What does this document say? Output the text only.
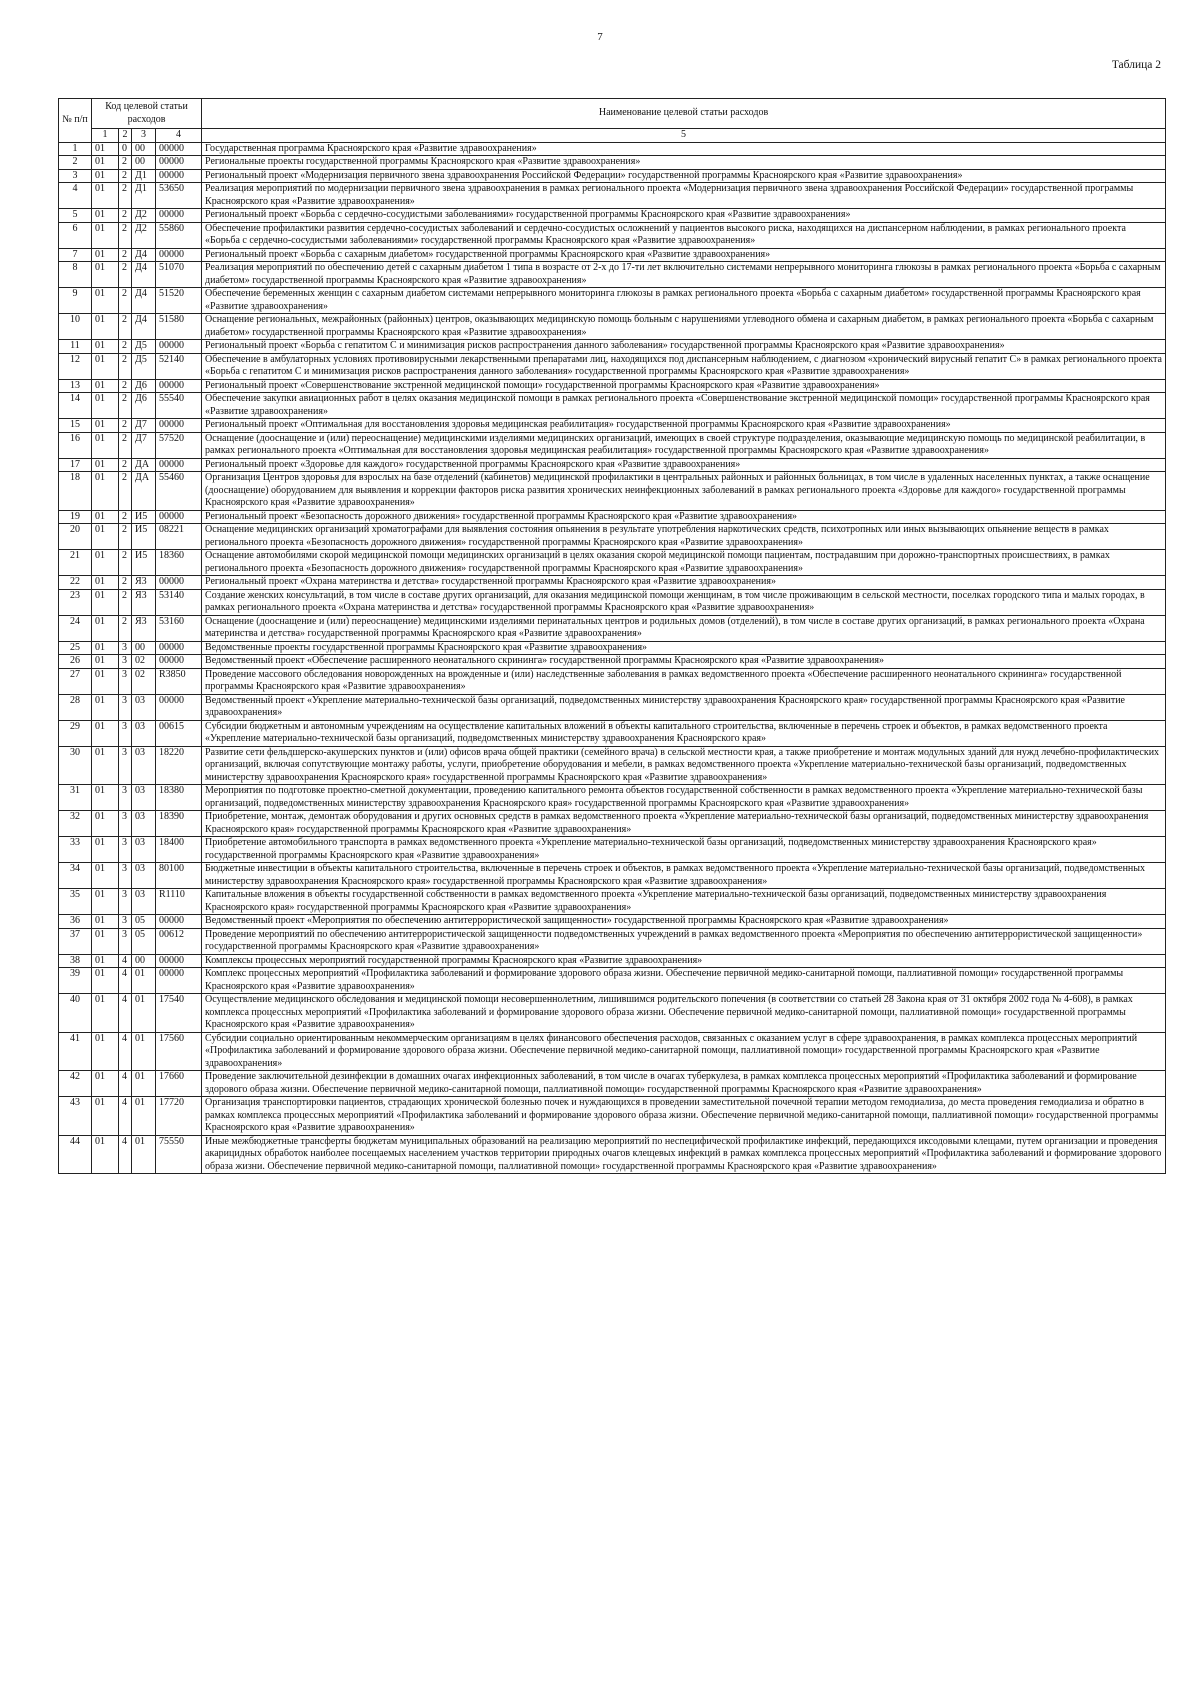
7
Таблица 2
№ п/п	Код целевой статьи расходов				Наименование целевой статьи расходов
	1	2	3	4	5
1	01	0	00	00000	Государственная программа Красноярского края «Развитие здравоохранения»
2	01	2	00	00000	Региональные проекты государственной программы Красноярского края «Развитие здравоохранения»
3	01	2	Д1	00000	Региональный проект «Модернизация первичного звена здравоохранения Российской Федерации» государственной программы Красноярского края «Развитие здравоохранения»
4	01	2	Д1	53650	Реализация мероприятий по модернизации первичного звена здравоохранения в рамках регионального проекта «Модернизация первичного звена здравоохранения Российской Федерации» государственной программы Красноярского края «Развитие здравоохранения»
5	01	2	Д2	00000	Региональный проект «Борьба с сердечно-сосудистыми заболеваниями» государственной программы Красноярского края «Развитие здравоохранения»
6	01	2	Д2	55860	Обеспечение профилактики развития сердечно-сосудистых заболеваний и сердечно-сосудистых осложнений у пациентов высокого риска, находящихся на диспансерном наблюдении, в рамках регионального проекта «Борьба с сердечно-сосудистыми заболеваниями» государственной программы Красноярского края «Развитие здравоохранения»
7	01	2	Д4	00000	Региональный проект «Борьба с сахарным диабетом» государственной программы Красноярского края «Развитие здравоохранения»
8	01	2	Д4	51070	Реализация мероприятий по обеспечению детей с сахарным диабетом 1 типа в возрасте от 2-х до 17-ти лет включительно системами непрерывного мониторинга глюкозы в рамках регионального проекта «Борьба с сахарным диабетом» государственной программы Красноярского края «Развитие здравоохранения»
9	01	2	Д4	51520	Обеспечение беременных женщин с сахарным диабетом системами непрерывного мониторинга глюкозы в рамках регионального проекта «Борьба с сахарным диабетом» государственной программы Красноярского края «Развитие здравоохранения»
10	01	2	Д4	51580	Оснащение региональных, межрайонных (районных) центров, оказывающих медицинскую помощь больным с нарушениями углеводного обмена и сахарным диабетом, в рамках регионального проекта «Борьба с сахарным диабетом» государственной программы Красноярского края «Развитие здравоохранения»
11	01	2	Д5	00000	Региональный проект «Борьба с гепатитом С и минимизация рисков распространения данного заболевания» государственной программы Красноярского края «Развитие здравоохранения»
12	01	2	Д5	52140	Обеспечение в амбулаторных условиях противовирусными лекарственными препаратами лиц, находящихся под диспансерным наблюдением, с диагнозом «хронический вирусный гепатит С» в рамках регионального проекта «Борьба с гепатитом С и минимизация рисков распространения данного заболевания» государственной программы Красноярского края «Развитие здравоохранения»
13	01	2	Д6	00000	Региональный проект «Совершенствование экстренной медицинской помощи» государственной программы Красноярского края «Развитие здравоохранения»
14	01	2	Д6	55540	Обеспечение закупки авиационных работ в целях оказания медицинской помощи в рамках регионального проекта «Совершенствование экстренной медицинской помощи» государственной программы Красноярского края «Развитие здравоохранения»
15	01	2	Д7	00000	Региональный проект «Оптимальная для восстановления здоровья медицинская реабилитация» государственной программы Красноярского края «Развитие здравоохранения»
16	01	2	Д7	57520	Оснащение (дооснащение и (или) переоснащение) медицинскими изделиями медицинских организаций, имеющих в своей структуре подразделения, оказывающие медицинскую помощь по медицинской реабилитации, в рамках регионального проекта «Оптимальная для восстановления здоровья медицинская реабилитация» государственной программы Красноярского края «Развитие здравоохранения»
17	01	2	ДА	00000	Региональный проект «Здоровье для каждого» государственной программы Красноярского края «Развитие здравоохранения»
18	01	2	ДА	55460	Организация Центров здоровья для взрослых на базе отделений (кабинетов) медицинской профилактики в центральных районных и районных больницах, в том числе в удаленных населенных пунктах, а также оснащение (дооснащение) оборудованием для выявления и коррекции факторов риска развития хронических неинфекционных заболеваний в рамках регионального проекта «Здоровье для каждого» государственной программы Красноярского края «Развитие здравоохранения»
19	01	2	И5	00000	Региональный проект «Безопасность дорожного движения» государственной программы Красноярского края «Развитие здравоохранения»
20	01	2	И5	08221	Оснащение медицинских организаций хроматографами для выявления состояния опьянения в результате употребления наркотических средств, психотропных или иных вызывающих опьянение веществ в рамках регионального проекта «Безопасность дорожного движения» государственной программы Красноярского края «Развитие здравоохранения»
21	01	2	И5	18360	Оснащение автомобилями скорой медицинской помощи медицинских организаций в целях оказания скорой медицинской помощи пациентам, пострадавшим при дорожно-транспортных происшествиях, в рамках регионального проекта «Безопасность дорожного движения» государственной программы Красноярского края «Развитие здравоохранения»
22	01	2	Я3	00000	Региональный проект «Охрана материнства и детства» государственной программы Красноярского края «Развитие здравоохранения»
23	01	2	Я3	53140	Создание женских консультаций, в том числе в составе других организаций, для оказания медицинской помощи женщинам, в том числе проживающим в сельской местности, поселках городского типа и малых городах, в рамках регионального проекта «Охрана материнства и детства» государственной программы Красноярского края «Развитие здравоохранения»
24	01	2	Я3	53160	Оснащение (дооснащение и (или) переоснащение) медицинскими изделиями перинатальных центров и родильных домов (отделений), в том числе в составе других организаций, в рамках регионального проекта «Охрана материнства и детства» государственной программы Красноярского края «Развитие здравоохранения»
25	01	3	00	00000	Ведомственные проекты государственной программы Красноярского края «Развитие здравоохранения»
26	01	3	02	00000	Ведомственный проект «Обеспечение расширенного неонатального скрининга» государственной программы Красноярского края «Развитие здравоохранения»
27	01	3	02	R3850	Проведение массового обследования новорожденных на врожденные и (или) наследственные заболевания в рамках ведомственного проекта «Обеспечение расширенного неонатального скрининга» государственной программы Красноярского края «Развитие здравоохранения»
28	01	3	03	00000	Ведомственный проект «Укрепление материально-технической базы организаций, подведомственных министерству здравоохранения Красноярского края» государственной программы Красноярского края «Развитие здравоохранения»
29	01	3	03	00615	Субсидии бюджетным и автономным учреждениям на осуществление капитальных вложений в объекты капитального строительства, включенные в перечень строек и объектов, в рамках ведомственного проекта «Укрепление материально-технической базы организаций, подведомственных министерству здравоохранения Красноярского края»
30	01	3	03	18220	Развитие сети фельдшерско-акушерских пунктов и (или) офисов врача общей практики (семейного врача) в сельской местности края, а также приобретение и монтаж модульных зданий для нужд лечебно-профилактических организаций, включая сопутствующие монтажу работы, услуги, приобретение оборудования и мебели, в рамках ведомственного проекта «Укрепление материально-технической базы организаций, подведомственных министерству здравоохранения Красноярского края» государственной программы Красноярского края «Развитие здравоохранения»
31	01	3	03	18380	Мероприятия по подготовке проектно-сметной документации, проведению капитального ремонта объектов государственной собственности в рамках ведомственного проекта «Укрепление материально-технической базы организаций, подведомственных министерству здравоохранения Красноярского края» государственной программы Красноярского края «Развитие здравоохранения»
32	01	3	03	18390	Приобретение, монтаж, демонтаж оборудования и других основных средств в рамках ведомственного проекта «Укрепление материально-технической базы организаций, подведомственных министерству здравоохранения Красноярского края» государственной программы Красноярского края «Развитие здравоохранения»
33	01	3	03	18400	Приобретение автомобильного транспорта в рамках ведомственного проекта «Укрепление материально-технической базы организаций, подведомственных министерству здравоохранения Красноярского края» государственной программы Красноярского края «Развитие здравоохранения»
34	01	3	03	80100	Бюджетные инвестиции в объекты капитального строительства, включенные в перечень строек и объектов, в рамках ведомственного проекта «Укрепление материально-технической базы организаций, подведомственных министерству здравоохранения Красноярского края» государственной программы Красноярского края «Развитие здравоохранения»
35	01	3	03	R1110	Капитальные вложения в объекты государственной собственности в рамках ведомственного проекта «Укрепление материально-технической базы организаций, подведомственных министерству здравоохранения Красноярского края» государственной программы Красноярского края «Развитие здравоохранения»
36	01	3	05	00000	Ведомственный проект «Мероприятия по обеспечению антитеррористической защищенности» государственной программы Красноярского края «Развитие здравоохранения»
37	01	3	05	00612	Проведение мероприятий по обеспечению антитеррористической защищенности подведомственных учреждений в рамках ведомственного проекта «Мероприятия по обеспечению антитеррористической защищенности» государственной программы Красноярского края «Развитие здравоохранения»
38	01	4	00	00000	Комплексы процессных мероприятий государственной программы Красноярского края «Развитие здравоохранения»
39	01	4	01	00000	Комплекс процессных мероприятий «Профилактика заболеваний и формирование здорового образа жизни. Обеспечение первичной медико-санитарной помощи, паллиативной помощи» государственной программы Красноярского края «Развитие здравоохранения»
40	01	4	01	17540	Осуществление медицинского обследования и медицинской помощи несовершеннолетним, лишившимся родительского попечения (в соответствии со статьей 28 Закона края от 31 октября 2002 года № 4-608), в рамках комплекса процессных мероприятий «Профилактика заболеваний и формирование здорового образа жизни. Обеспечение первичной медико-санитарной помощи, паллиативной помощи» государственной программы Красноярского края «Развитие здравоохранения»
41	01	4	01	17560	Субсидии социально ориентированным некоммерческим организациям в целях финансового обеспечения расходов, связанных с оказанием услуг в сфере здравоохранения, в рамках комплекса процессных мероприятий «Профилактика заболеваний и формирование здорового образа жизни. Обеспечение первичной медико-санитарной помощи, паллиативной помощи» государственной программы Красноярского края «Развитие здравоохранения»
42	01	4	01	17660	Проведение заключительной дезинфекции в домашних очагах инфекционных заболеваний, в том числе в очагах туберкулеза, в рамках комплекса процессных мероприятий «Профилактика заболеваний и формирование здорового образа жизни. Обеспечение первичной медико-санитарной помощи, паллиативной помощи» государственной программы Красноярского края «Развитие здравоохранения»
43	01	4	01	17720	Организация транспортировки пациентов, страдающих хронической болезнью почек и нуждающихся в проведении заместительной почечной терапии методом гемодиализа, до места проведения гемодиализа и обратно в рамках комплекса процессных мероприятий «Профилактика заболеваний и формирование здорового образа жизни. Обеспечение первичной медико-санитарной помощи, паллиативной помощи» государственной программы Красноярского края «Развитие здравоохранения»
44	01	4	01	75550	Иные межбюджетные трансферты бюджетам муниципальных образований на реализацию мероприятий по неспецифической профилактике инфекций, передающихся иксодовыми клещами, путем организации и проведения акарицидных обработок наиболее посещаемых населением участков территории природных очагов клещевых инфекций в рамках комплекса процессных мероприятий «Профилактика заболеваний и формирование здорового образа жизни. Обеспечение первичной медико-санитарной помощи, паллиативной помощи» государственной программы Красноярского края «Развитие здравоохранения»
